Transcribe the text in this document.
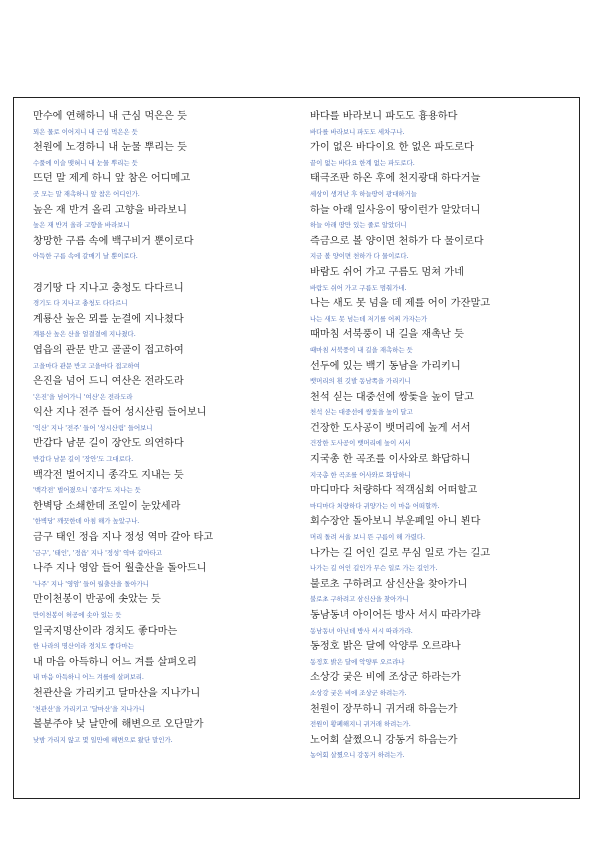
만수에 연해하니 내 근심 먹은은 듯
뫼은 물로 이어지니 내 근심 먹은은 듯
천원에 노경하니 내 눈물 뿌리는 듯
수풀에 이슬 맺혀니 내 눈물 뿌리는 듯
뜨던 말 제게 하니 앞 참은 어디메고
곳 모는 말 재촉하니 앞 참은 어디인가.
높은 재 반겨 올리 고향을 바라보니
높은 재 반겨 올라 고향을 바라보니
창망한 구름 속에 백구비거 뿐이로다
아득한 구름 속에 갈매기 날 뿐이로다.
경기땅 다 지나고 충청도 다다르니
경기도 다 지나고 충청도 다다르니
계룡산 높은 뫼를 눈결에 지나쳤다
계룡산 높은 산을 얼결결에 지나쳤다.
엽읍의 관문 반고 골골이 접고하여
고을마다 관문 반고 고을마다 접고하여
은진을 넘어 드니 여산은 전라도라
'은진'을 넘어가니 '여산'은 전라도라
익산 지나 전주 들어 성시산림 들어보니
'익산' 지나 '전주' 들어 '성시산림' 들어보니
반갑다 남문 길이 장안도 의연하다
반갑다 남문 길이 '장안'도 그대로다.
백각전 벌어지니 종각도 지내는 듯
'백각전' 벌어졌으니 '종각'도 지나는 듯
한벽당 소쇄한데 조일이 눈았세라
'한벽당' 깨끗한데 아침 해가 높았구나.
금구 태인 정읍 지나 정성 역마 갈아 타고
'금구', '태인', '정읍' 지나 '정성' 역마 갈아타고
나주 지나 영암 들어 월출산을 돌아드니
'나주' 지나 '영암' 들어 월출산을 돌아가니
만이천봉이 반공에 솟았는 듯
만이천봉이 허공에 솟아 있는 듯
일국지명산이라 경치도 좋다마는
한 나라의 명산이라 경치도 좋다마는
내 마음 아득하니 어느 겨를 살펴오리
내 마음 아득하니 어느 겨를에 살펴보리.
천관산을 가리키고 달마산을 지나가니
'천관산'을 가리키고 '달마산'을 지나가니
볼분주야 낮 날만에 해변으로 오단말가
낮밤 가리지 않고 몇 일만에 해변으로 왔단 말인가.
바다를 바라보니 파도도 흉용하다
바다를 바라보니 파도도 세차구나.
가이 없은 바다이요 한 없은 파도로다
끝이 없는 바다요 한계 없는 파도로다.
태극조판 하온 후에 천지광대 하다거늘
세상이 생겨난 후 하늘땅이 광대하거늘
하늘 아래 일사응이 땅이런가 알았더니
하늘 아래 땅만 있는 줄로 알았더니
즉금으로 볼 양이면 천하가 다 물이로다
지금 볼 양이면 천하가 다 물이로다.
바람도 쉬어 가고 구름도 멈쳐 가네
바람도 쉬어 가고 구름도 멈춰가네.
나는 새도 못 넘을 데 제를 어이 가잔말고
나는 새도 못 넘는데 저기를 어찌 가자는가
때마침 서북풍이 내 길을 재촉난 듯
때마침 서북풍이 내 길을 재촉하는 듯
선두에 있는 백기 동남을 가리키니
뱃머리의 흰 깃발 동남쪽을 가리키니
천석 싣는 대중선에 쌍돛을 높이 달고
천석 싣는 대중선에 쌍돛을 높이 달고
건장한 도사공이 뱃머리에 높게 서서
건장한 도사공이 뱃머리에 높이 서서
지국총 한 곡조를 이사와로 화답하니
지국총 한 곡조를 어사와로 화답하니
마디마다 처량하다 적객심회 어떠할고
마디마다 처량하다 귀양가는 이 마음 어떠할까.
회수장안 돌아보니 부운폐일 아니 뵌다
머리 돌려 서울 보니 뜬 구름이 해 가렸다.
나가는 길 어인 길로 무심 일로 가는 길고
나가는 길 어인 길인가 무슨 일로 가는 길인가.
불로초 구하려고 삼신산을 찾아가니
불로초 구하려고 삼신산을 찾아가니
동남동녀 아이어든 방사 서시 따라가랴
동남동녀 아닌데 방사 서시 따라가랴.
동정호 밝은 달에 악양루 오르랴나
동정호 밝은 달에 악양루 오르랴나
소상강 궂은 비에 조상군 하라는가
소상강 궂은 비에 조상군 하려는가.
천원이 장무하니 귀거래 하음는가
전원이 황폐해지니 귀거래 하려는가.
노어회 살쩠으니 강동거 하음는가
농어회 살쪘으니 강동거 하려는가.
